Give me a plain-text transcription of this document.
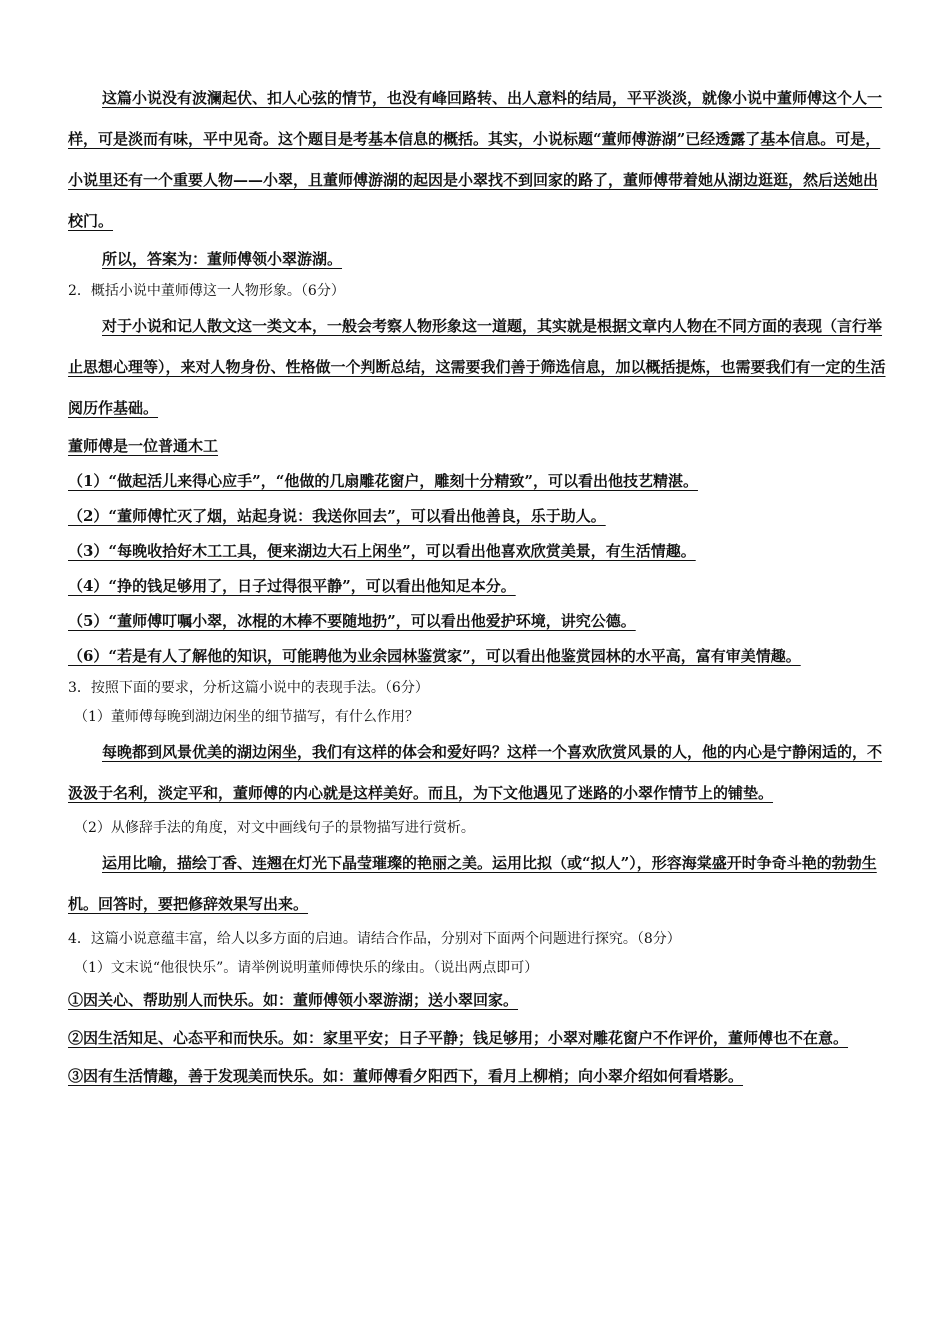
这篇小说没有波澜起伏、扣人心弦的情节，也没有峰回路转、出人意料的结局，平平淡淡，就像小说中董师傅这个人一样，可是淡而有味，平中见奇。这个题目是考基本信息的概括。其实，小说标题“董师傅游湖”已经透露了基本信息。可是，小说里还有一个重要人物——小翠，且董师傅游湖的起因是小翠找不到回家的路了，董师傅带着她从湖边逛逛，然后送她出校门。

所以，答案为：董师傅领小翠游湖。

2．概括小说中董师傅这一人物形象。（6分）

对于小说和记人散文这一类文本，一般会考察人物形象这一道题，其实就是根据文章内人物在不同方面的表现（言行举止思想心理等），来对人物身份、性格做一个判断总结，这需要我们善于筛选信息，加以概括提炼，也需要我们有一定的生活阅历作基础。

董师傅是一位普通木工

（1）“做起活儿来得心应手”，“他做的几扇雕花窗户，雕刻十分精致”，可以看出他技艺精湛。

（2）“董师傅忙灭了烟，站起身说：我送你回去”，可以看出他善良，乐于助人。

（3）“每晚收拾好木工工具，便来湖边大石上闲坐”，可以看出他喜欢欣赏美景，有生活情趣。

（4）“挣的钱足够用了，日子过得很平静”，可以看出他知足本分。

（5）“董师傅叮嘱小翠，冰棍的木棒不要随地扔”，可以看出他爱护环境，讲究公德。

（6）“若是有人了解他的知识，可能聘他为业余园林鉴赏家”，可以看出他鉴赏园林的水平高，富有审美情趣。

3．按照下面的要求，分析这篇小说中的表现手法。（6分）

（1）董师傅每晚到湖边闲坐的细节描写，有什么作用？

每晚都到风景优美的湖边闲坐，我们有这样的体会和爱好吗？这样一个喜欢欣赏风景的人，他的内心是宁静闲适的，不汲汲于名利，淡定平和，董师傅的内心就是这样美好。而且，为下文他遇见了迷路的小翠作情节上的铺垫。

（2）从修辞手法的角度，对文中画线句子的景物描写进行赏析。

运用比喻，描绘丁香、连翘在灯光下晶莹璀璨的艳丽之美。运用比拟（或“拟人”），形容海棠盛开时争奇斗艳的勃勃生机。回答时，要把修辞效果写出来。

4．这篇小说意蕴丰富，给人以多方面的启迪。请结合作品，分别对下面两个问题进行探究。（8分）

（1）文末说“他很快乐”。请举例说明董师傅快乐的缘由。（说出两点即可）

①因关心、帮助别人而快乐。如：董师傅领小翠游湖；送小翠回家。

②因生活知足、心态平和而快乐。如：家里平安；日子平静；钱足够用；小翠对雕花窗户不作评价，董师傅也不在意。

③因有生活情趣，善于发现美而快乐。如：董师傅看夕阳西下，看月上柳梢；向小翠介绍如何看塔影。
